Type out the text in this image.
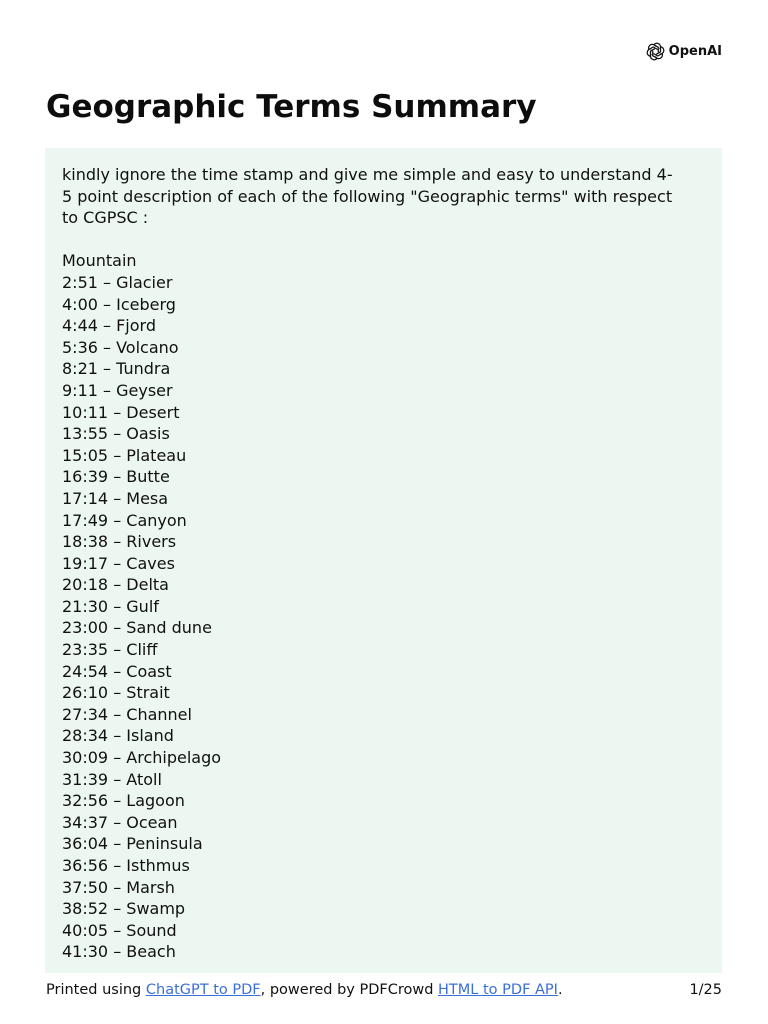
OpenAI
Geographic Terms Summary

kindly ignore the time stamp and give me simple and easy to understand 4-5 point description of each of the following "Geographic terms" with respect to CGPSC :

Mountain
2:51 – Glacier
4:00 – Iceberg
4:44 – Fjord
5:36 – Volcano
8:21 – Tundra
9:11 – Geyser
10:11 – Desert
13:55 – Oasis
15:05 – Plateau
16:39 – Butte
17:14 – Mesa
17:49 – Canyon
18:38 – Rivers
19:17 – Caves
20:18 – Delta
21:30 – Gulf
23:00 – Sand dune
23:35 – Cliff
24:54 – Coast
26:10 – Strait
27:34 – Channel
28:34 – Island
30:09 – Archipelago
31:39 – Atoll
32:56 – Lagoon
34:37 – Ocean
36:04 – Peninsula
36:56 – Isthmus
37:50 – Marsh
38:52 – Swamp
40:05 – Sound
41:30 – Beach
Printed using ChatGPT to PDF, powered by PDFCrowd HTML to PDF API.	1/25
